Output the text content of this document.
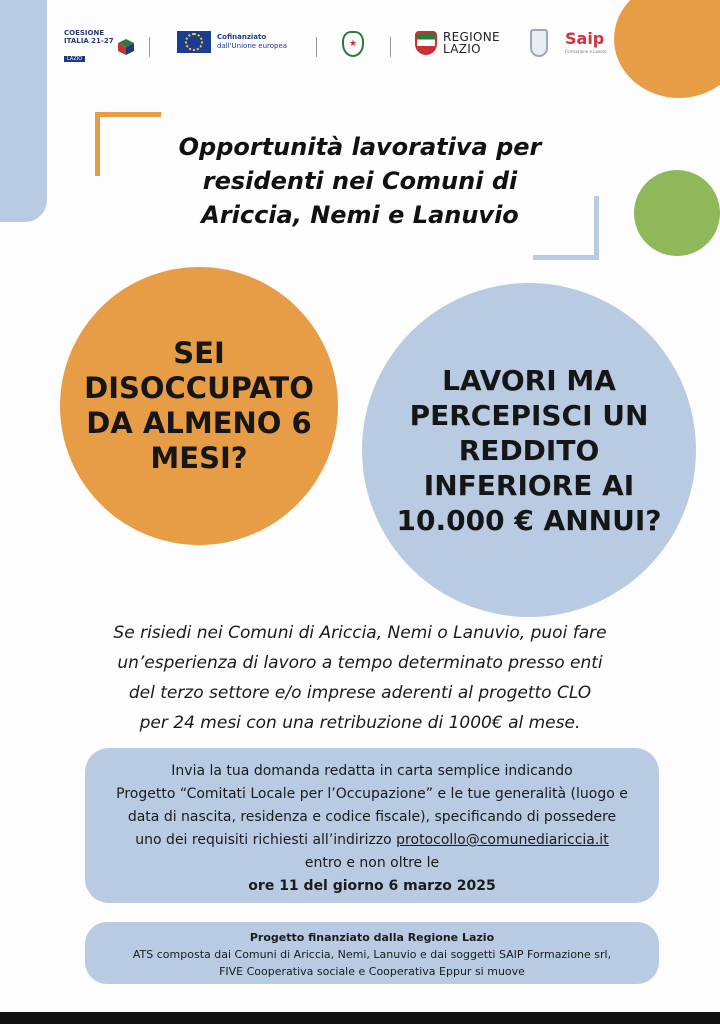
COESIONE
ITALIA 21-27
LAZIO
Cofinanziato
dall'Unione europea	★	REGIONE
LAZIO
Saip
Formazione e Lavoro
Opportunità lavorativa per
residenti nei Comuni di
Ariccia, Nemi e Lanuvio
SEI
DISOCCUPATO
DA ALMENO 6
MESI?
LAVORI MA
PERCEPISCI UN
REDDITO
INFERIORE AI
10.000 € ANNUI?
Se risiedi nei Comuni di Ariccia, Nemi o Lanuvio, puoi fare
un’esperienza di lavoro a tempo determinato presso enti
del terzo settore e/o imprese aderenti al progetto CLO
per 24 mesi con una retribuzione di 1000€ al mese.
Invia la tua domanda redatta in carta semplice indicando
Progetto “Comitati Locale per l’Occupazione” e le tue generalità (luogo e
data di nascita, residenza e codice fiscale), specificando di possedere
uno dei requisiti richiesti all’indirizzo protocollo@comunediariccia.it
entro e non oltre le
ore 11 del giorno 6 marzo 2025
Progetto finanziato dalla Regione Lazio
ATS composta dai Comuni di Ariccia, Nemi, Lanuvio e dai soggetti SAIP Formazione srl,
FIVE Cooperativa sociale e Cooperativa Eppur si muove
